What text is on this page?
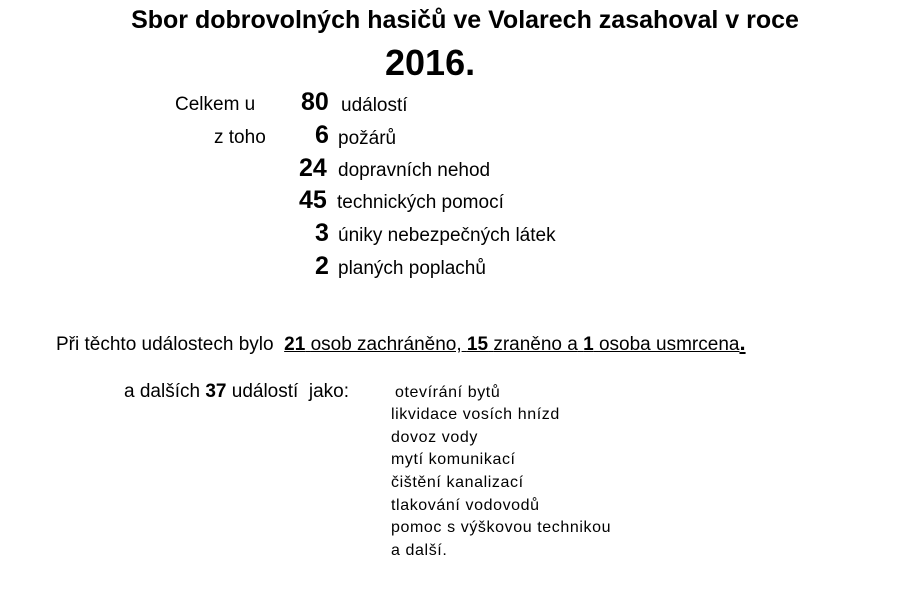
Sbor dobrovolných hasičů ve Volarech zasahoval v roce
2016.
Celkem u 80 událostí
z toho 6 požárů
24 dopravních nehod
45 technických pomocí
3 úniky nebezpečných látek
2 planých poplachů
Při těchto událostech bylo 21 osob zachráněno, 15 zraněno a 1 osoba usmrcena.
a dalších 37 událostí  jako:	otevírání bytů
likvidace vosích hnízd
dovoz vody
mytí komunikací
čištění kanalizací
tlakování vodovodů
pomoc s výškovou technikou
a další.
